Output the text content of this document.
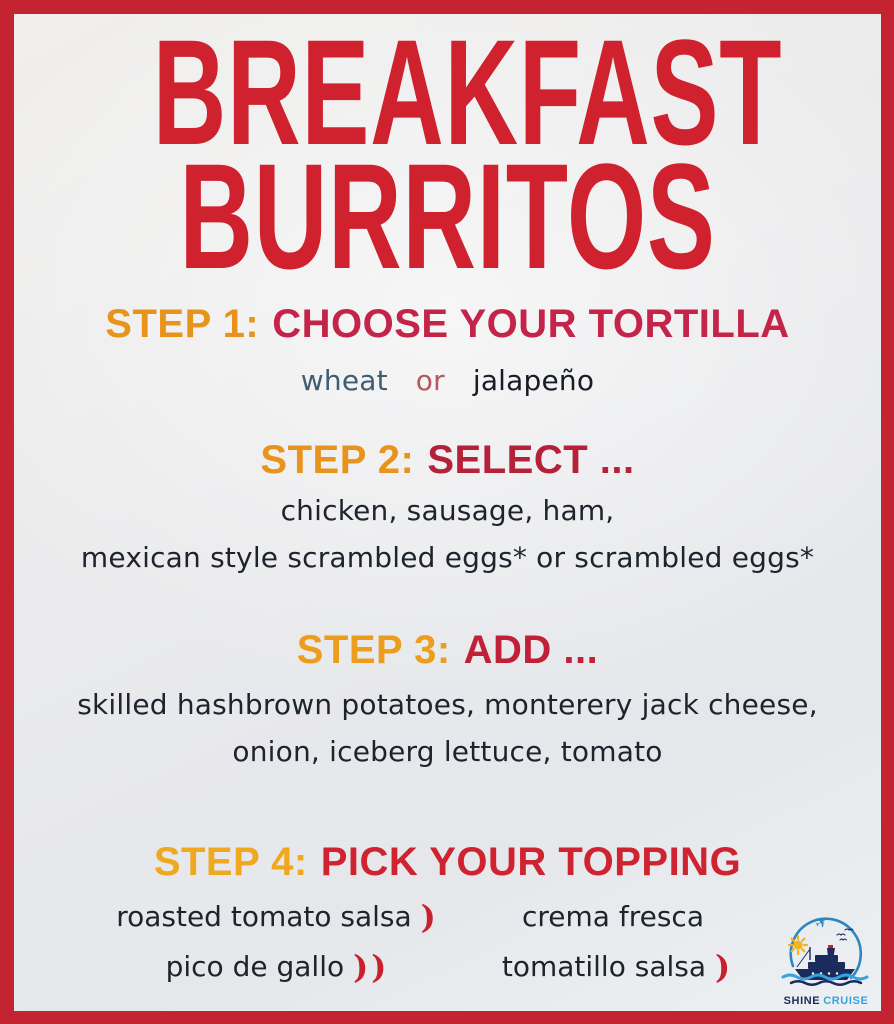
BREAKFAST
BURRITOS
STEP 1: CHOOSE YOUR TORTILLA
wheat or jalapeño
STEP 2: SELECT ...
chicken, sausage, ham,
mexican style scrambled eggs* or scrambled eggs*
STEP 3: ADD ...
skilled hashbrown potatoes, monterery jack cheese,
onion, iceberg lettuce, tomato
STEP 4: PICK YOUR TOPPING
roasted tomato salsa )	crema fresca
pico de gallo ))	tomatillo salsa )
✈
SHINE CRUISE
